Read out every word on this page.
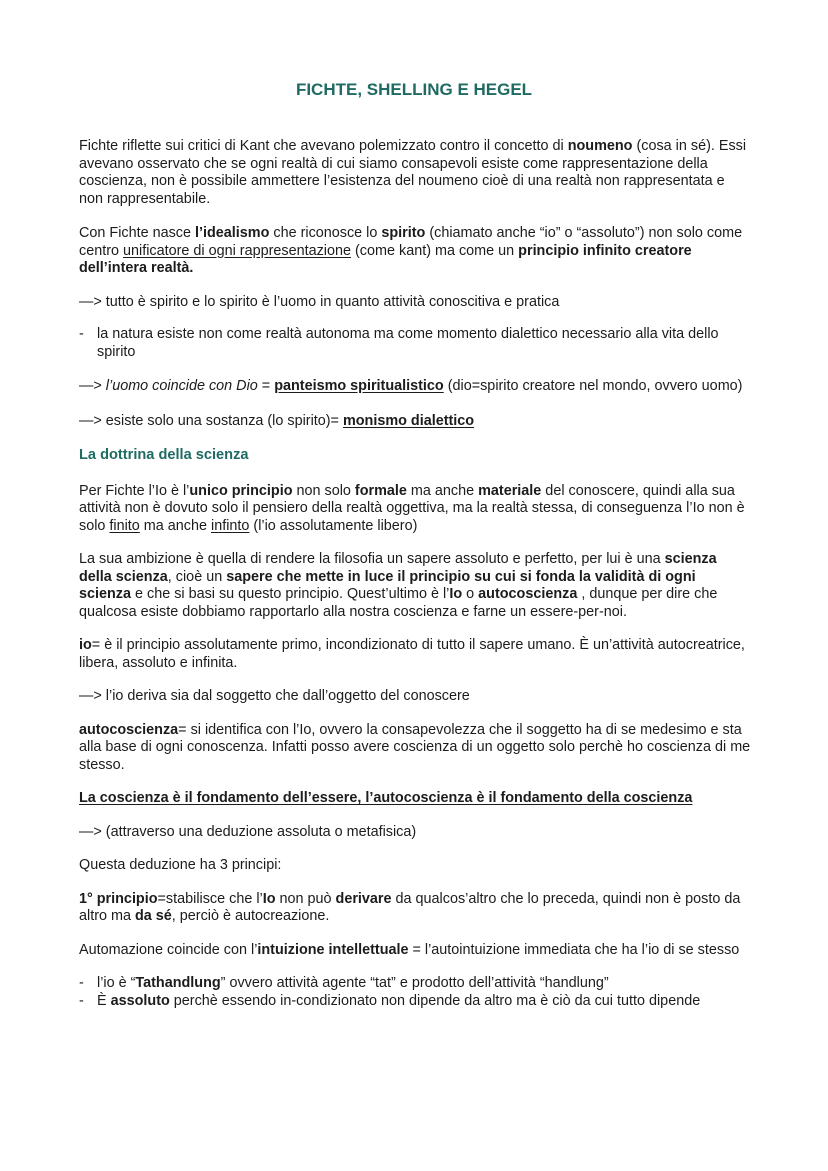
FICHTE, SHELLING E HEGEL

Fichte riflette sui critici di Kant che avevano polemizzato contro il concetto di noumeno (cosa in sé). Essi avevano osservato che se ogni realtà di cui siamo consapevoli esiste come rappresentazione della coscienza, non è possibile ammettere l’esistenza del noumeno cioè di una realtà non rappresentata e non rappresentabile.

Con Fichte nasce l’idealismo che riconosce lo spirito (chiamato anche “io” o “assoluto”) non solo come centro unificatore di ogni rappresentazione (come kant) ma come un principio infinito creatore dell’intera realtà.

—> tutto è spirito e lo spirito è l’uomo in quanto attività conoscitiva e pratica

- la natura esiste non come realtà autonoma ma come momento dialettico necessario alla vita dello spirito

—> l’uomo coincide con Dio = panteismo spiritualistico (dio=spirito creatore nel mondo, ovvero uomo)

—> esiste solo una sostanza (lo spirito)= monismo dialettico

La dottrina della scienza

Per Fichte l’Io è l’unico principio non solo formale ma anche materiale del conoscere, quindi alla sua attività non è dovuto solo il pensiero della realtà oggettiva, ma la realtà stessa, di conseguenza l’Io non è solo finito ma anche infinto (l’io assolutamente libero)

La sua ambizione è quella di rendere la filosofia un sapere assoluto e perfetto, per lui è una scienza della scienza, cioè un sapere che mette in luce il principio su cui si fonda la validità di ogni scienza e che si basi su questo principio. Quest’ultimo è l’Io o autocoscienza , dunque per dire che qualcosa esiste dobbiamo rapportarlo alla nostra coscienza e farne un essere-per-noi.

io= è il principio assolutamente primo, incondizionato di tutto il sapere umano. È un’attività autocreatrice, libera, assoluto e infinita.

—> l’io deriva sia dal soggetto che dall’oggetto del conoscere

autocoscienza= si identifica con l’Io, ovvero la consapevolezza che il soggetto ha di se medesimo e sta alla base di ogni conoscenza. Infatti posso avere coscienza di un oggetto solo perchè ho coscienza di me stesso.

La coscienza è il fondamento dell’essere, l’autocoscienza è il fondamento della coscienza

—> (attraverso una deduzione assoluta o metafisica)

Questa deduzione ha 3 principi:

1° principio=stabilisce che l’Io non può derivare da qualcos’altro che lo preceda, quindi non è posto da altro ma da sé, perciò è autocreazione.

Automazione coincide con l’intuizione intellettuale = l’autointuizione immediata che ha l’io di se stesso

- l’io è “Tathandlung” ovvero attività agente “tat” e prodotto dell’attività “handlung”

- È assoluto perchè essendo in-condizionato non dipende da altro ma è ciò da cui tutto dipende
